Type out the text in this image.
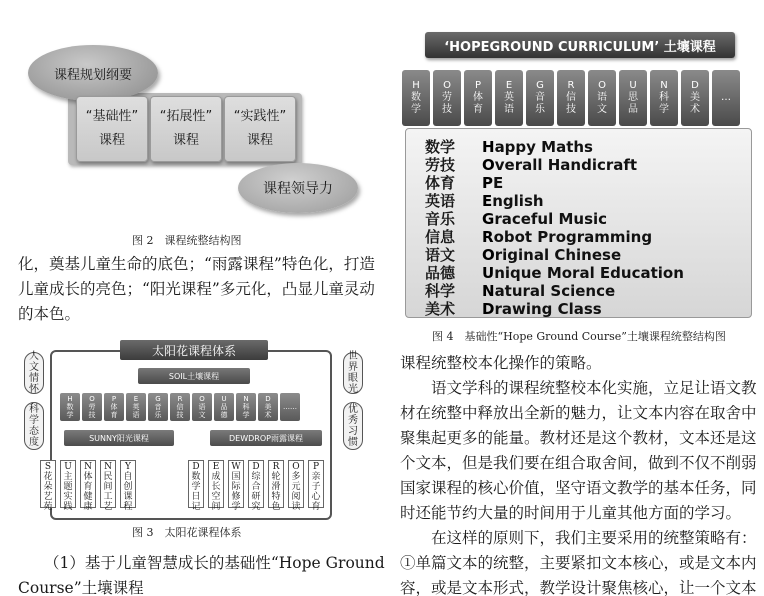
课程规划纲要
“基础性”
课程
“拓展性”
课程
“实践性”
课程
课程领导力
图 2　课程统整结构图
化，奠基儿童生命的底色；“雨露课程”特色化，打造
儿童成长的亮色；“阳光课程”多元化，凸显儿童灵动
的本色。
太阳花课程体系
人文情怀
科学态度
世界眼光
优秀习惯
SOIL土壤课程
H
数
学
O
劳
技
P
体
育
E
英
语
G
音
乐
R
信
技
O
语
文
U
品
德
N
科
学
D
美
术
……
SUNNY阳光课程	DEWDROP雨露课程
S
花
朵
艺
苑
U
主
题
实
践
N
体
育
健
康
N
民
间
工
艺
Y
自
创
课
程
D
数
学
日
记
E
成
长
空
间
W
国
际
修
学
D
综
合
研
究
R
轮
滑
特
色
O
多
元
阅
读
P
亲
子
心
育
图 3　太阳花课程体系
（1）基于儿童智慧成长的基础性“Hope Ground
Course”土壤课程
‘HOPEGROUND CURRICULUM’ 土壤课程
H
数
学
O
劳
技
P
体
育
E
英
语
G
音
乐
R
信
技
O
语
文
U
思
品
N
科
学
D
美
术
…
数学 Happy Maths
劳技 Overall Handicraft
体育 PE
英语 English
音乐 Graceful Music
信息 Robot Programming
语文 Original Chinese
品德 Unique Moral Education
科学 Natural Science
美术 Drawing Class
图 4　基础性“Hope Ground Course”土壤课程统整结构图
课程统整校本化操作的策略。
　　语文学科的课程统整校本化实施，立足让语文教
材在统整中释放出全新的魅力，让文本内容在取舍中
聚集起更多的能量。教材还是这个教材，文本还是这
个文本，但是我们要在组合取舍间，做到不仅不削弱
国家课程的核心价值，坚守语文教学的基本任务，同
时还能节约大量的时间用于儿童其他方面的学习。
　　在这样的原则下，我们主要采用的统整策略有：
①单篇文本的统整，主要紧扣文本核心，或是文本内
容，或是文本形式，教学设计聚焦核心，让一个文本
